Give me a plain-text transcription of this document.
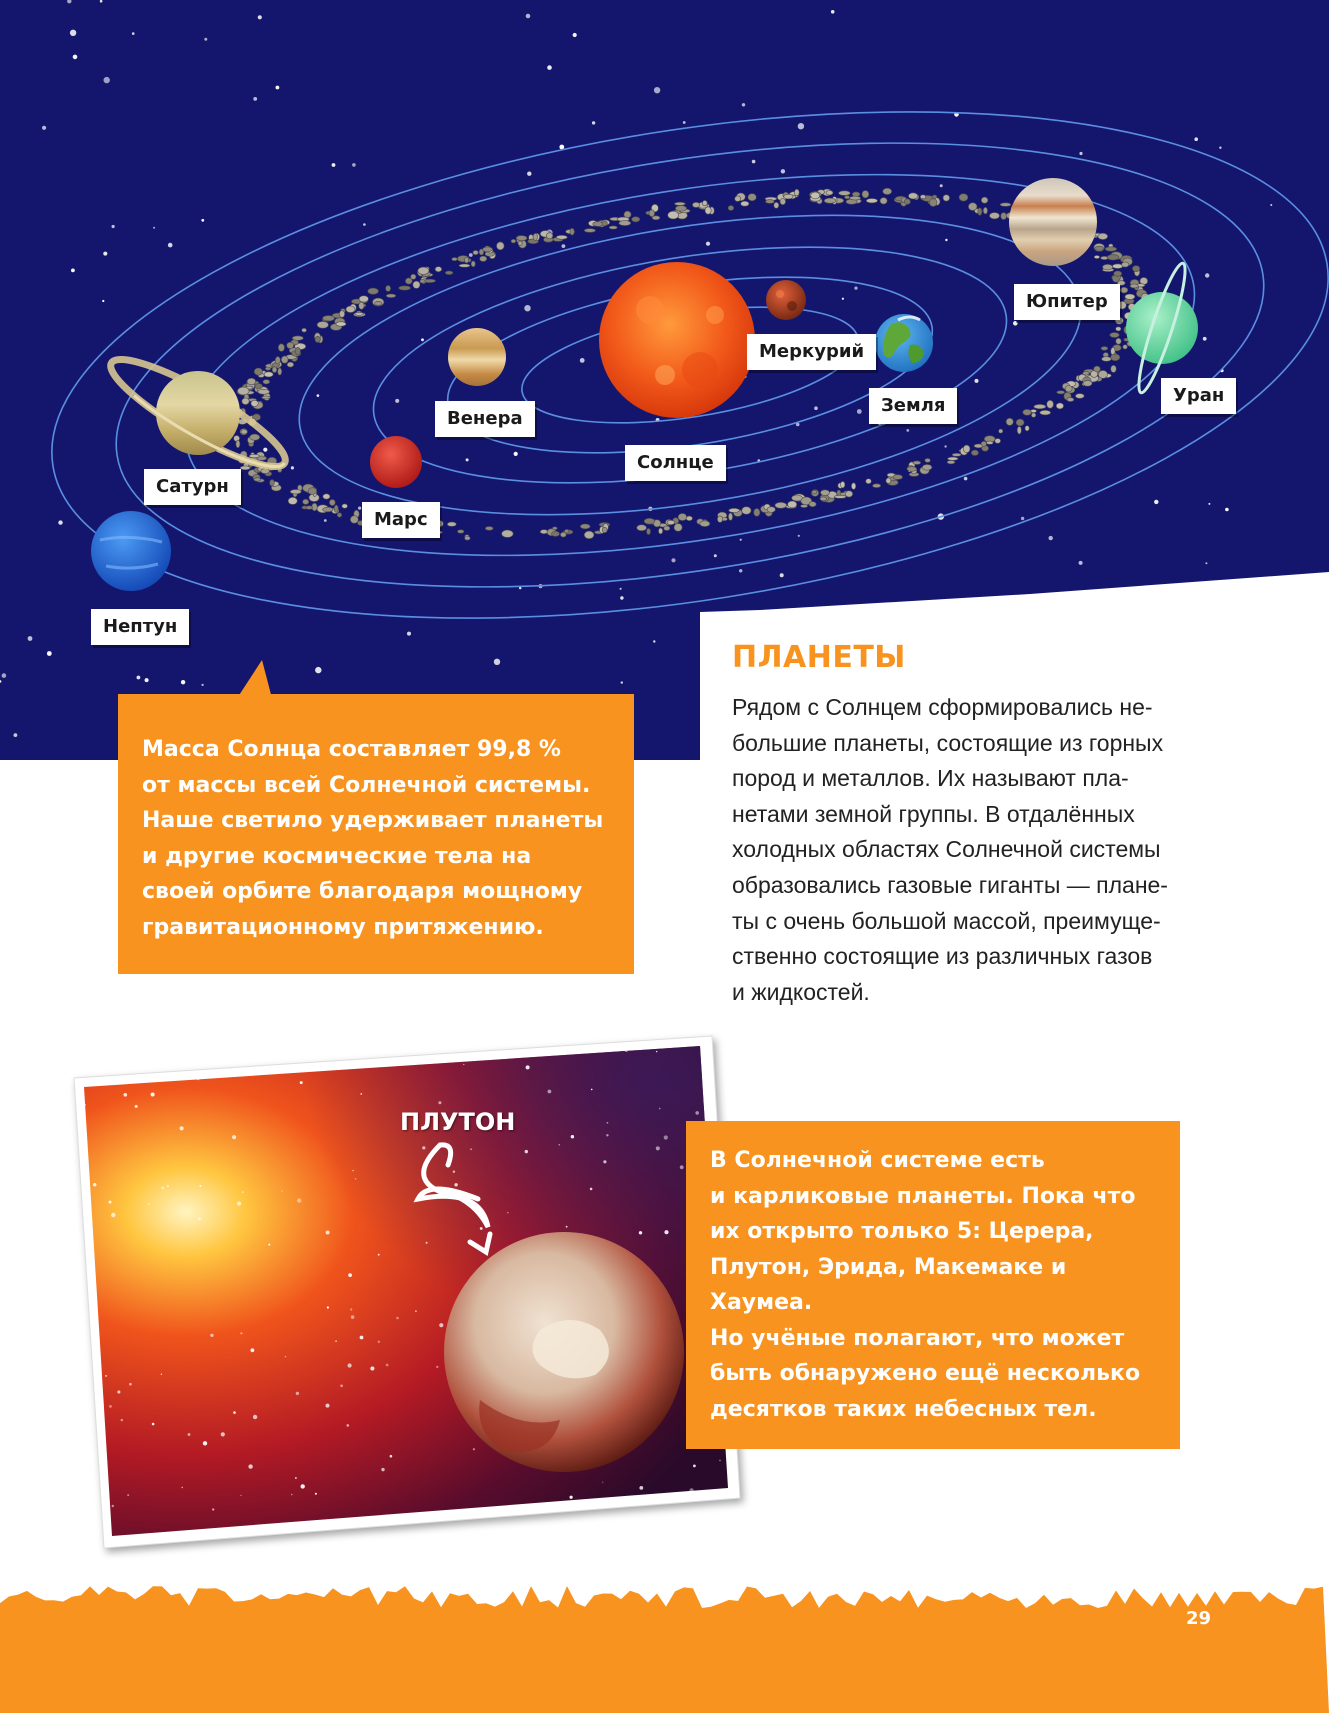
Солнце
Меркурий
Венера
Земля
Марс
Юпитер
Сатурн
Уран
Нептун

Масса Солнца составляет 99,8 %

от массы всей Солнечной системы.

Наше светило удерживает планеты

и другие космические тела на

своей орбите благодаря мощному

гравитационному притяжению.

ПЛАНЕТЫ
Рядом с Солнцем сформировались не-
большие планеты, состоящие из горных
пород и металлов. Их называют пла-
нетами земной группы. В отдалённых
холодных областях Солнечной системы
образовались газовые гиганты — плане-
ты с очень большой массой, преимуще-
ственно состоящие из различных газов
и жидкостей.
ПЛУТОН

В Солнечной системе есть

и карликовые планеты. Пока что

их открыто только 5: Церера,

Плутон, Эрида, Макемаке и Хаумеа.

Но учёные полагают, что может

быть обнаружено ещё несколько

десятков таких небесных тел.

29
